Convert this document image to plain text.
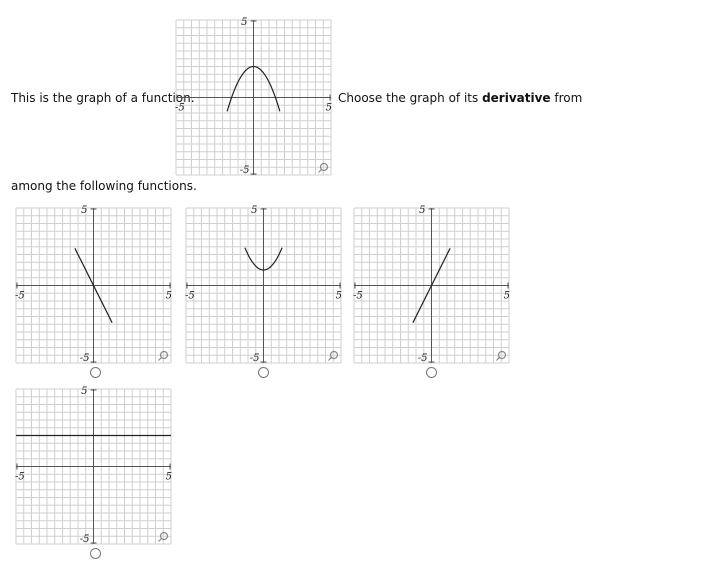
This is the graph of a function.	Choose the graph of its derivative from
among the following functions.
-5	5
5
-5
-5	5
5
-5
-5	5
5
-5
-5	5
5
-5
-5	5
5
-5
